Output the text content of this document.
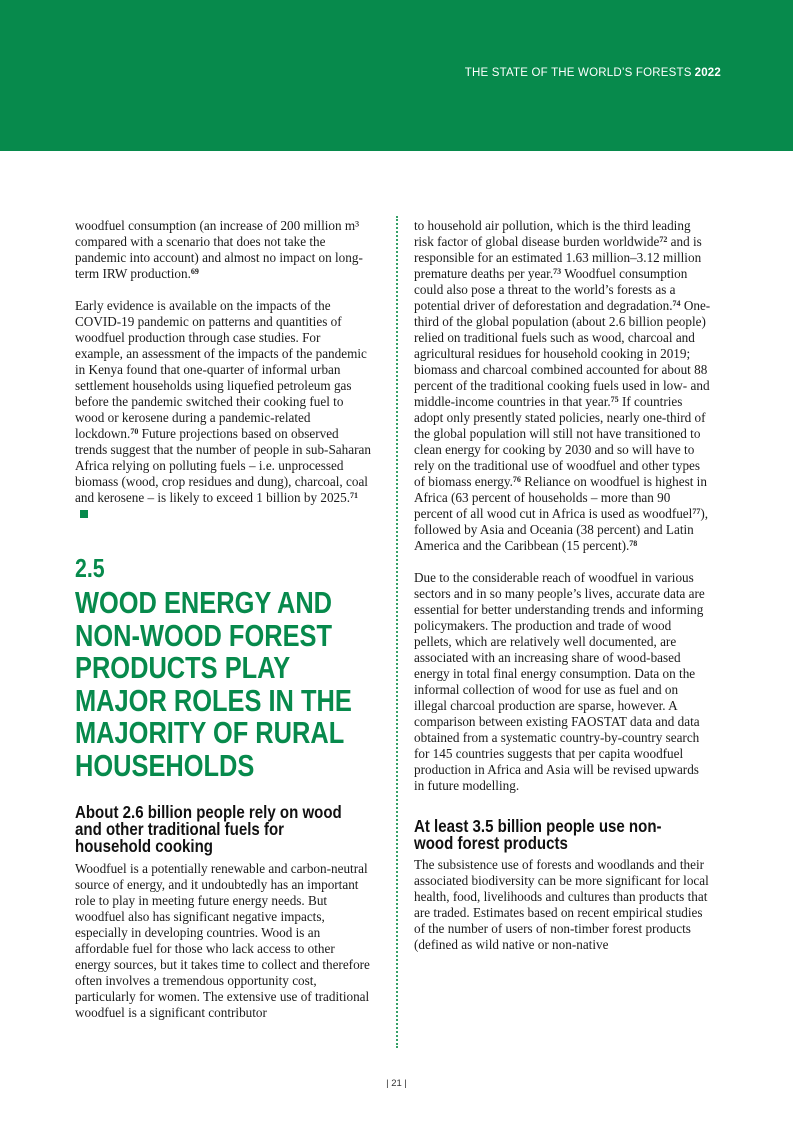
THE STATE OF THE WORLD’S FORESTS 2022

woodfuel consumption (an increase of 200 million m³ compared with a scenario that does not take the pandemic into account) and almost no impact on long-term IRW production.$^{69}$

Early evidence is available on the impacts of the COVID-19 pandemic on patterns and quantities of woodfuel production through case studies. For example, an assessment of the impacts of the pandemic in Kenya found that one-quarter of informal urban settlement households using liquefied petroleum gas before the pandemic switched their cooking fuel to wood or kerosene during a pandemic-related lockdown.$^{70}$ Future projections based on observed trends suggest that the number of people in sub-Saharan Africa relying on polluting fuels – i.e. unprocessed biomass (wood, crop residues and dung), charcoal, coal and kerosene – is likely to exceed 1 billion by 2025.71

2.5
WOOD ENERGY AND NON-WOOD FOREST PRODUCTS PLAY MAJOR ROLES IN THE MAJORITY OF RURAL HOUSEHOLDS
About 2.6 billion people rely on wood and other traditional fuels for household cooking

Woodfuel is a potentially renewable and carbon-neutral source of energy, and it undoubtedly has an important role to play in meeting future energy needs. But woodfuel also has significant negative impacts, especially in developing countries. Wood is an affordable fuel for those who lack access to other energy sources, but it takes time to collect and therefore often involves a tremendous opportunity cost, particularly for women. The extensive use of traditional woodfuel is a significant contributor

to household air pollution, which is the third leading risk factor of global disease burden worldwide$^{72}$ and is responsible for an estimated 1.63 million–3.12 million premature deaths per year.$^{73}$ Woodfuel consumption could also pose a threat to the world’s forests as a potential driver of deforestation and degradation.$^{74}$ One-third of the global population (about 2.6 billion people) relied on traditional fuels such as wood, charcoal and agricultural residues for household cooking in 2019; biomass and charcoal combined accounted for about 88 percent of the traditional cooking fuels used in low- and middle-income countries in that year.$^{75}$ If countries adopt only presently stated policies, nearly one-third of the global population will still not have transitioned to clean energy for cooking by 2030 and so will have to rely on the traditional use of woodfuel and other types of biomass energy.$^{76}$ Reliance on woodfuel is highest in Africa (63 percent of households – more than 90 percent of all wood cut in Africa is used as woodfuel$^{77}$), followed by Asia and Oceania (38 percent) and Latin America and the Caribbean (15 percent).$^{78}$

Due to the considerable reach of woodfuel in various sectors and in so many people’s lives, accurate data are essential for better understanding trends and informing policymakers. The production and trade of wood pellets, which are relatively well documented, are associated with an increasing share of wood-based energy in total final energy consumption. Data on the informal collection of wood for use as fuel and on illegal charcoal production are sparse, however. A comparison between existing FAOSTAT data and data obtained from a systematic country-by-country search for 145 countries suggests that per capita woodfuel production in Africa and Asia will be revised upwards in future modelling.

At least 3.5 billion people use non-wood forest products

The subsistence use of forests and woodlands and their associated biodiversity can be more significant for local health, food, livelihoods and cultures than products that are traded. Estimates based on recent empirical studies of the number of users of non-timber forest products (defined as wild native or non-native

| 21 |
